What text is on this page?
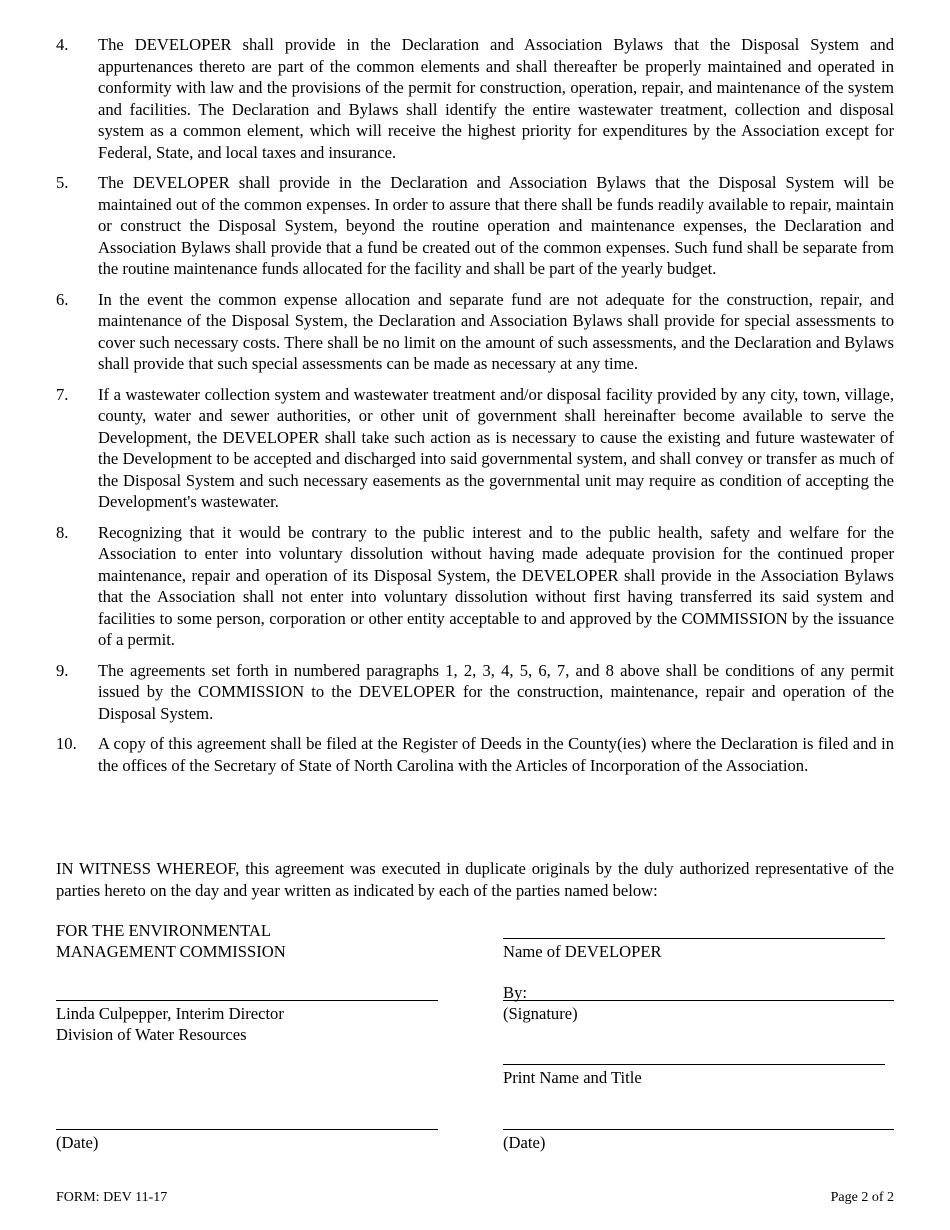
4.	The DEVELOPER shall provide in the Declaration and Association Bylaws that the Disposal System and appurtenances thereto are part of the common elements and shall thereafter be properly maintained and operated in conformity with law and the provisions of the permit for construction, operation, repair, and maintenance of the system and facilities. The Declaration and Bylaws shall identify the entire wastewater treatment, collection and disposal system as a common element, which will receive the highest priority for expenditures by the Association except for Federal, State, and local taxes and insurance.
5.	The DEVELOPER shall provide in the Declaration and Association Bylaws that the Disposal System will be maintained out of the common expenses. In order to assure that there shall be funds readily available to repair, maintain or construct the Disposal System, beyond the routine operation and maintenance expenses, the Declaration and Association Bylaws shall provide that a fund be created out of the common expenses. Such fund shall be separate from the routine maintenance funds allocated for the facility and shall be part of the yearly budget.
6.	In the event the common expense allocation and separate fund are not adequate for the construction, repair, and maintenance of the Disposal System, the Declaration and Association Bylaws shall provide for special assessments to cover such necessary costs. There shall be no limit on the amount of such assessments, and the Declaration and Bylaws shall provide that such special assessments can be made as necessary at any time.
7.	If a wastewater collection system and wastewater treatment and/or disposal facility provided by any city, town, village, county, water and sewer authorities, or other unit of government shall hereinafter become available to serve the Development, the DEVELOPER shall take such action as is necessary to cause the existing and future wastewater of the Development to be accepted and discharged into said governmental system, and shall convey or transfer as much of the Disposal System and such necessary easements as the governmental unit may require as condition of accepting the Development's wastewater.
8.	Recognizing that it would be contrary to the public interest and to the public health, safety and welfare for the Association to enter into voluntary dissolution without having made adequate provision for the continued proper maintenance, repair and operation of its Disposal System, the DEVELOPER shall provide in the Association Bylaws that the Association shall not enter into voluntary dissolution without first having transferred its said system and facilities to some person, corporation or other entity acceptable to and approved by the COMMISSION by the issuance of a permit.
9.	The agreements set forth in numbered paragraphs 1, 2, 3, 4, 5, 6, 7, and 8 above shall be conditions of any permit issued by the COMMISSION to the DEVELOPER for the construction, maintenance, repair and operation of the Disposal System.
10.	A copy of this agreement shall be filed at the Register of Deeds in the County(ies) where the Declaration is filed and in the offices of the Secretary of State of North Carolina with the Articles of Incorporation of the Association.
IN WITNESS WHEREOF, this agreement was executed in duplicate originals by the duly authorized representative of the parties hereto on the day and year written as indicated by each of the parties named below:
FOR THE ENVIRONMENTAL
MANAGEMENT COMMISSION
Linda Culpepper, Interim Director
Division of Water Resources
(Date)
Name of DEVELOPER
By:
(Signature)
Print Name and Title
(Date)
FORM: DEV 11-17	Page 2 of 2
